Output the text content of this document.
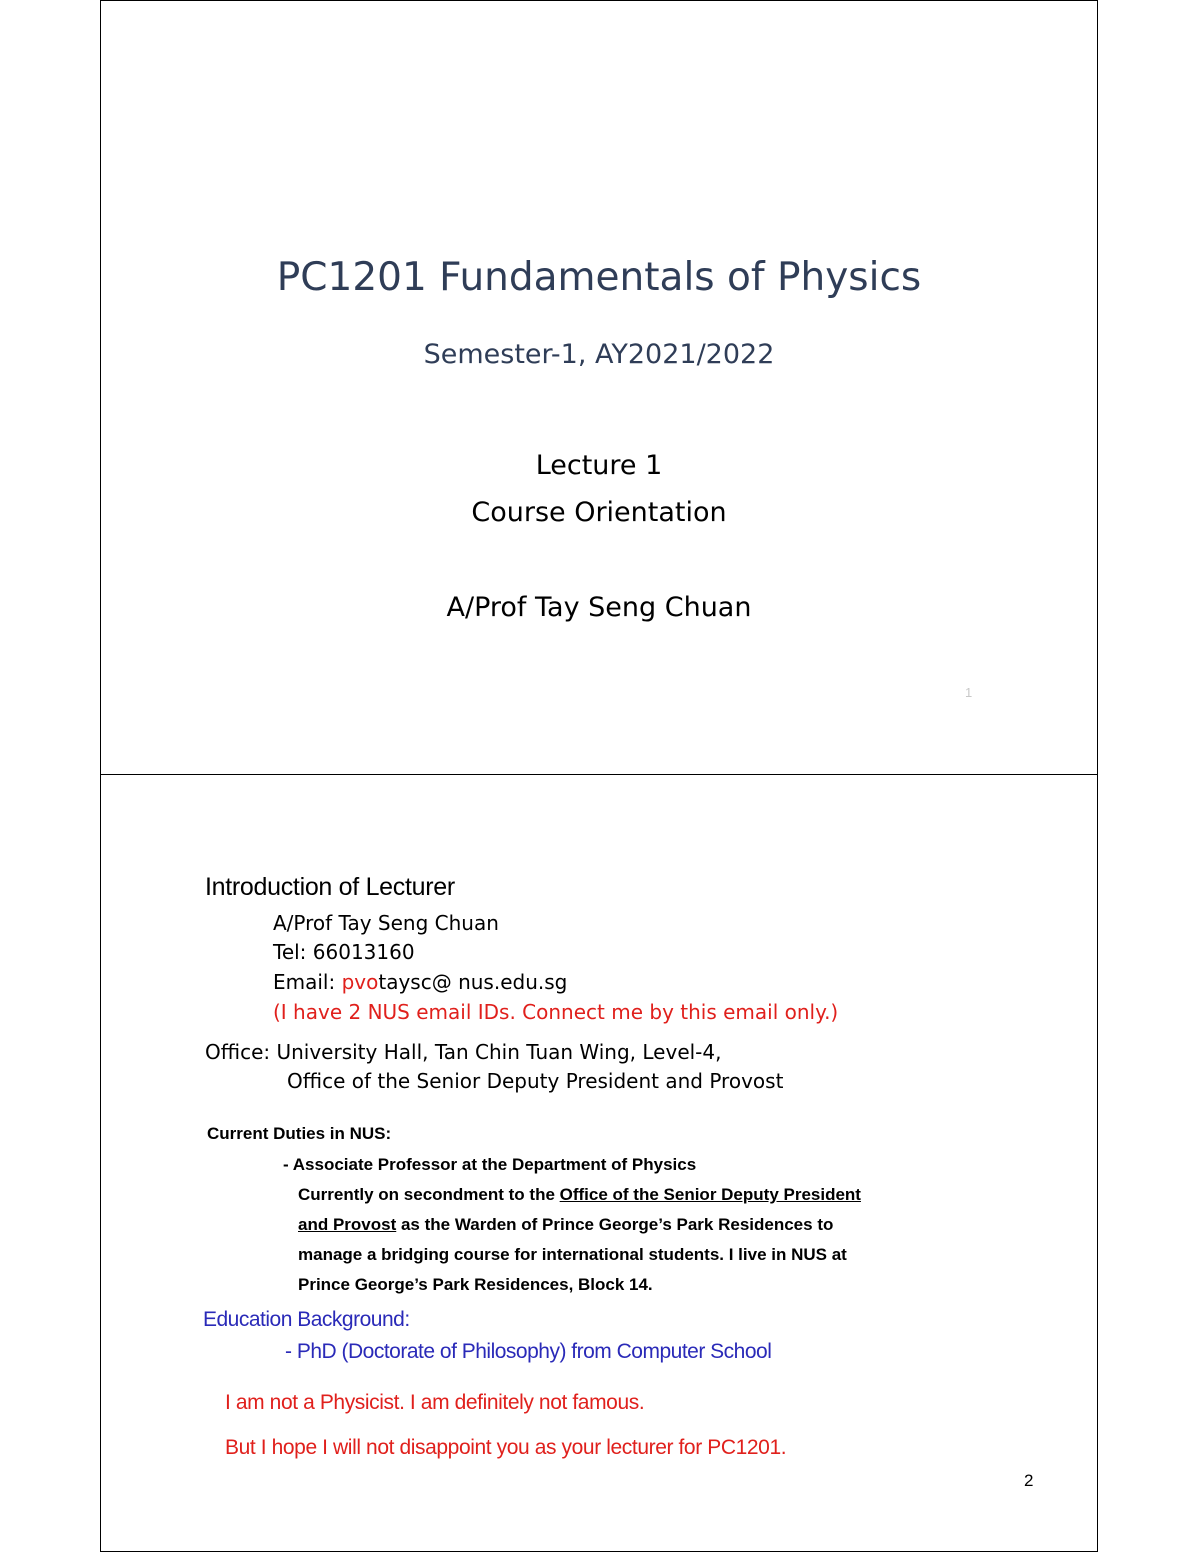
PC1201 Fundamentals of Physics
Semester-1, AY2021/2022
Lecture 1
Course Orientation
A/Prof Tay Seng Chuan
1
Introduction of Lecturer
A/Prof Tay Seng Chuan
Tel: 66013160
Email: pvotaysc@ nus.edu.sg
(I have 2 NUS email IDs. Connect me by this email only.)
Office: University Hall, Tan Chin Tuan Wing, Level-4,
Office of the Senior Deputy President and Provost
Current Duties in NUS:
- Associate Professor at the Department of Physics
Currently on secondment to the Office of the Senior Deputy President
and Provost as the Warden of Prince George’s Park Residences to
manage a bridging course for international students. I live in NUS at
Prince George’s Park Residences, Block 14.
Education Background:
- PhD (Doctorate of Philosophy) from Computer School
I am not a Physicist. I am definitely not famous.
But I hope I will not disappoint you as your lecturer for PC1201.
2
